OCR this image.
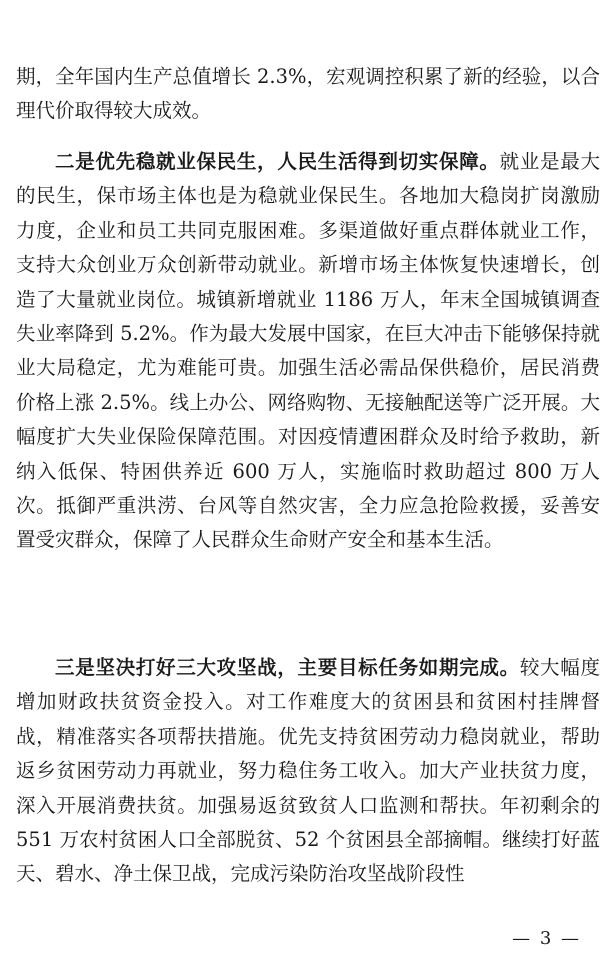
期，全年国内生产总值增长 2.3%，宏观调控积累了新的经验，以合理代价取得较大成效。

二是优先稳就业保民生，人民生活得到切实保障。就业是最大的民生，保市场主体也是为稳就业保民生。各地加大稳岗扩岗激励力度，企业和员工共同克服困难。多渠道做好重点群体就业工作，支持大众创业万众创新带动就业。新增市场主体恢复快速增长，创造了大量就业岗位。城镇新增就业 1186 万人，年末全国城镇调查失业率降到 5.2%。作为最大发展中国家，在巨大冲击下能够保持就业大局稳定，尤为难能可贵。加强生活必需品保供稳价，居民消费价格上涨 2.5%。线上办公、网络购物、无接触配送等广泛开展。大幅度扩大失业保险保障范围。对因疫情遭困群众及时给予救助，新纳入低保、特困供养近 600 万人，实施临时救助超过 800 万人次。抵御严重洪涝、台风等自然灾害，全力应急抢险救援，妥善安置受灾群众，保障了人民群众生命财产安全和基本生活。

三是坚决打好三大攻坚战，主要目标任务如期完成。较大幅度增加财政扶贫资金投入。对工作难度大的贫困县和贫困村挂牌督战，精准落实各项帮扶措施。优先支持贫困劳动力稳岗就业，帮助返乡贫困劳动力再就业，努力稳住务工收入。加大产业扶贫力度，深入开展消费扶贫。加强易返贫致贫人口监测和帮扶。年初剩余的 551 万农村贫困人口全部脱贫、52 个贫困县全部摘帽。继续打好蓝天、碧水、净土保卫战，完成污染防治攻坚战阶段性

— 3 —
